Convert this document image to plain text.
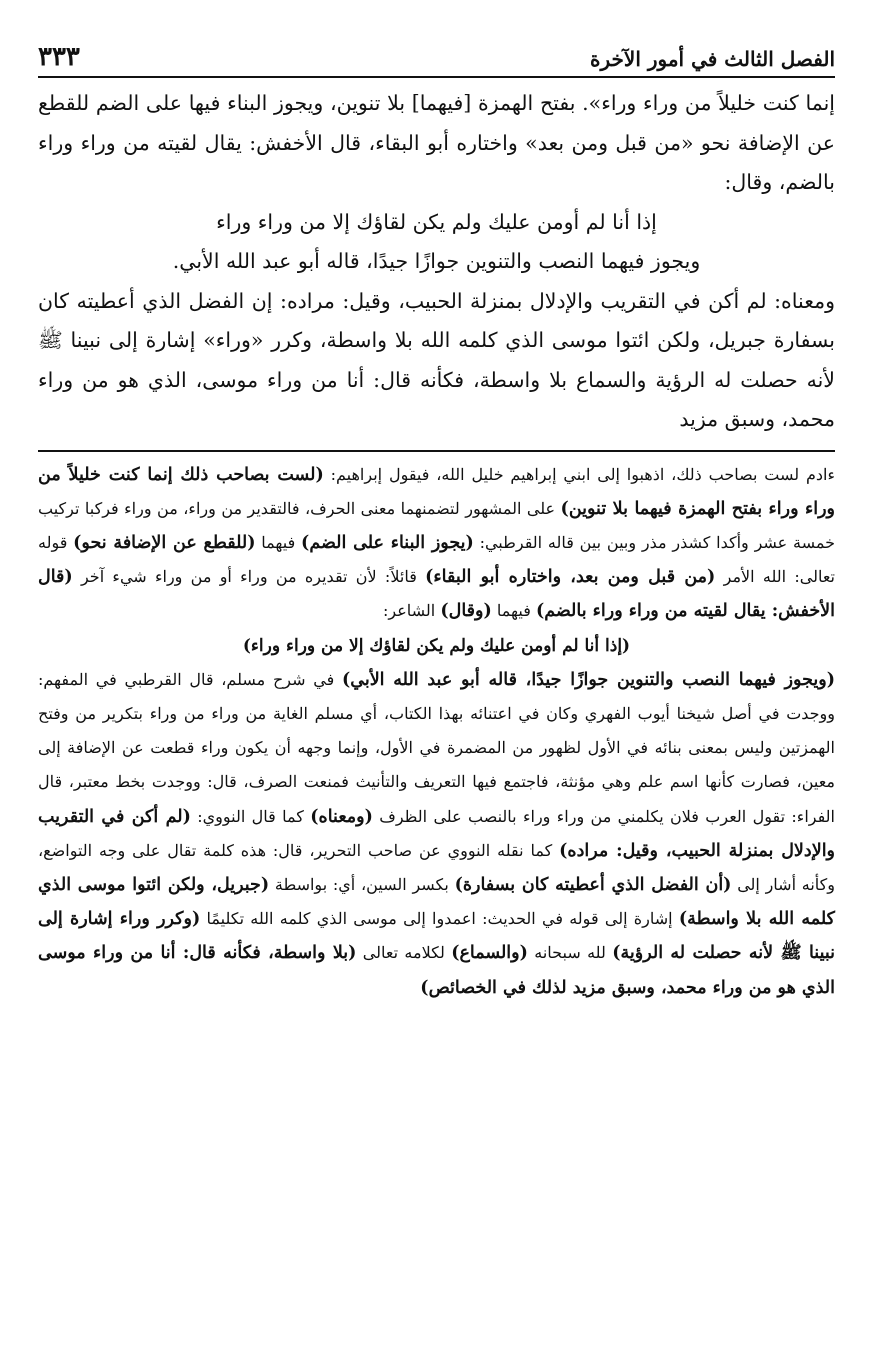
الفصل الثالث في أمور الآخرة
٣٣٣

إنما كنت خليلاً من وراء وراء». بفتح الهمزة [فيهما] بلا تنوين، ويجوز البناء فيها على الضم للقطع عن الإضافة نحو «من قبل ومن بعد» واختاره أبو البقاء، قال الأخفش: يقال لقيته من وراء وراء بالضم، وقال:

إذا أنا لم أومن عليك ولم يكن لقاؤك إلا من وراء وراء

ويجوز فيهما النصب والتنوين جوازًا جيدًا، قاله أبو عبد الله الأبي.

ومعناه: لم أكن في التقريب والإدلال بمنزلة الحبيب، وقيل: مراده: إن الفضل الذي أعطيته كان بسفارة جبريل، ولكن ائتوا موسى الذي كلمه الله بلا واسطة، وكرر «وراء» إشارة إلى نبينا ﷺ لأنه حصلت له الرؤية والسماع بلا واسطة، فكأنه قال: أنا من وراء موسى، الذي هو من وراء محمد، وسبق مزيد

ءادم لست بصاحب ذلك، اذهبوا إلى ابني إبراهيم خليل الله، فيقول إبراهيم: (لست بصاحب ذلك إنما كنت خليلاً من وراء وراء بفتح الهمزة فيهما بلا تنوين) على المشهور لتضمنهما معنى الحرف، فالتقدير من وراء، من وراء فركبا تركيب خمسة عشر وأكدا كشذر مذر وبين بين قاله القرطبي: (يجوز البناء على الضم) فيهما (للقطع عن الإضافة نحو) قوله تعالى: الله الأمر (من قبل ومن بعد، واختاره أبو البقاء) قائلاً: لأن تقديره من وراء أو من وراء شيء آخر (قال الأخفش: يقال لقيته من وراء وراء بالضم) فيهما (وقال) الشاعر:

(إذا أنا لم أومن عليك ولم يكن لقاؤك إلا من وراء وراء)

(ويجوز فيهما النصب والتنوين جوازًا جيدًا، قاله أبو عبد الله الأبي) في شرح مسلم، قال القرطبي في المفهم: ووجدت في أصل شيخنا أيوب الفهري وكان في اعتنائه بهذا الكتاب، أي مسلم الغاية من وراء من وراء بتكرير من وفتح الهمزتين وليس بمعنى بنائه في الأول لظهور من المضمرة في الأول، وإنما وجهه أن يكون وراء قطعت عن الإضافة إلى معين، فصارت كأنها اسم علم وهي مؤنثة، فاجتمع فيها التعريف والتأنيث فمنعت الصرف، قال: ووجدت بخط معتبر، قال الفراء: تقول العرب فلان يكلمني من وراء وراء بالنصب على الظرف (ومعناه) كما قال النووي: (لم أكن في التقريب والإدلال بمنزلة الحبيب، وقيل: مراده) كما نقله النووي عن صاحب التحرير، قال: هذه كلمة تقال على وجه التواضع، وكأنه أشار إلى (أن الفضل الذي أعطيته كان بسفارة) بكسر السين، أي: بواسطة (جبريل، ولكن ائتوا موسى الذي كلمه الله بلا واسطة) إشارة إلى قوله في الحديث: اعمدوا إلى موسى الذي كلمه الله تكليمًا (وكرر وراء إشارة إلى نبينا ﷺ لأنه حصلت له الرؤية) لله سبحانه (والسماع) لكلامه تعالى (بلا واسطة، فكأنه قال: أنا من وراء موسى الذي هو من وراء محمد، وسبق مزيد لذلك في الخصائص)
